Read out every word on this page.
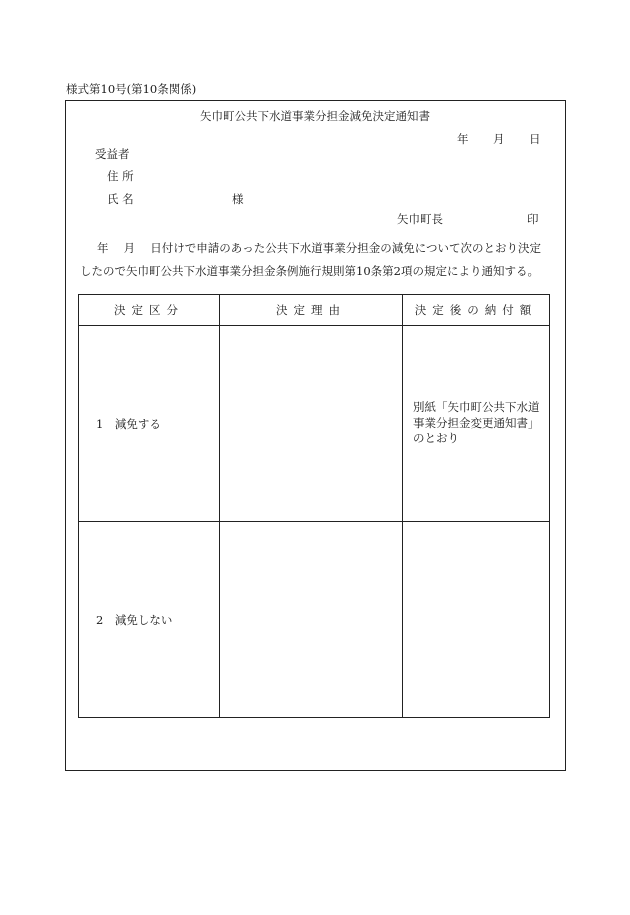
様式第10号(第10条関係)
矢巾町公共下水道事業分担金減免決定通知書
年 月 日
受益者
住 所
氏 名	様
矢巾町長	印
年　 月　 日付けで申請のあった公共下水道事業分担金の減免について次のとおり決定
したので矢巾町公共下水道事業分担金条例施行規則第10条第2項の規定により通知する。
決定区分	決定理由	決定後の納付額
1　減免する		別紙「矢巾町公共下水道
事業分担金変更通知書」
のとおり

2　減免しない		
